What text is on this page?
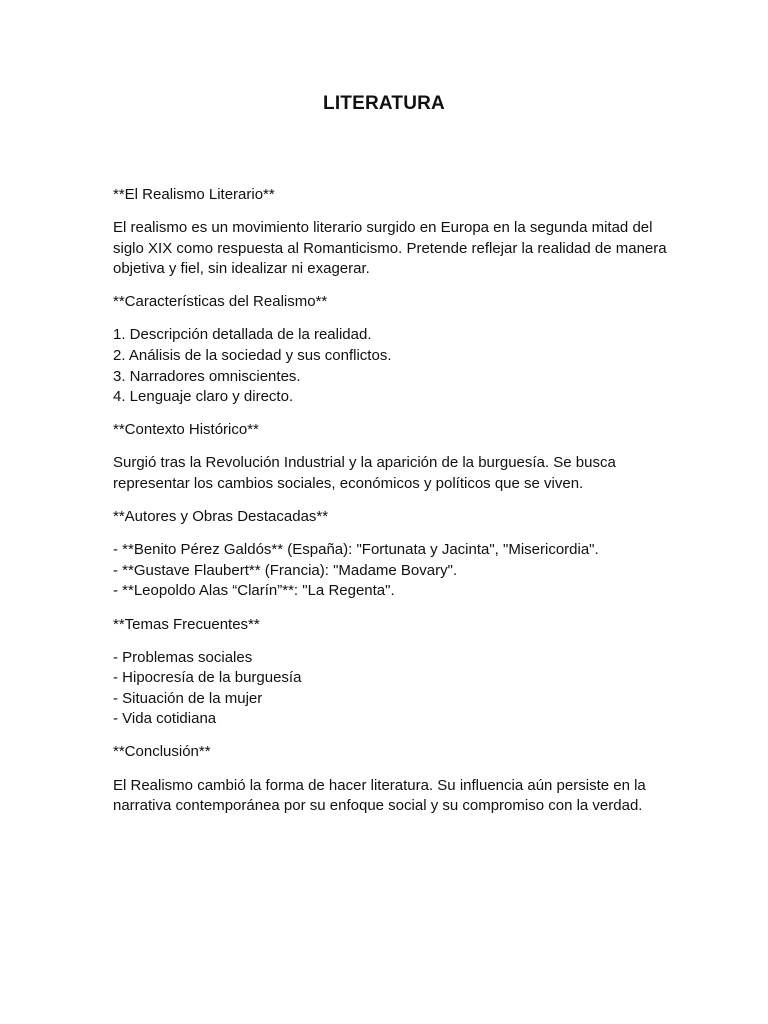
LITERATURA

**El Realismo Literario**

El realismo es un movimiento literario surgido en Europa en la segunda mitad del siglo XIX como respuesta al Romanticismo. Pretende reflejar la realidad de manera objetiva y fiel, sin idealizar ni exagerar.

**Características del Realismo**

1. Descripción detallada de la realidad.
2. Análisis de la sociedad y sus conflictos.
3. Narradores omniscientes.
4. Lenguaje claro y directo.

**Contexto Histórico**

Surgió tras la Revolución Industrial y la aparición de la burguesía. Se busca representar los cambios sociales, económicos y políticos que se viven.

**Autores y Obras Destacadas**

- **Benito Pérez Galdós** (España): "Fortunata y Jacinta", "Misericordia".
- **Gustave Flaubert** (Francia): "Madame Bovary".
- **Leopoldo Alas “Clarín”**: "La Regenta".

**Temas Frecuentes**

- Problemas sociales
- Hipocresía de la burguesía
- Situación de la mujer
- Vida cotidiana

**Conclusión**

El Realismo cambió la forma de hacer literatura. Su influencia aún persiste en la narrativa contemporánea por su enfoque social y su compromiso con la verdad.
